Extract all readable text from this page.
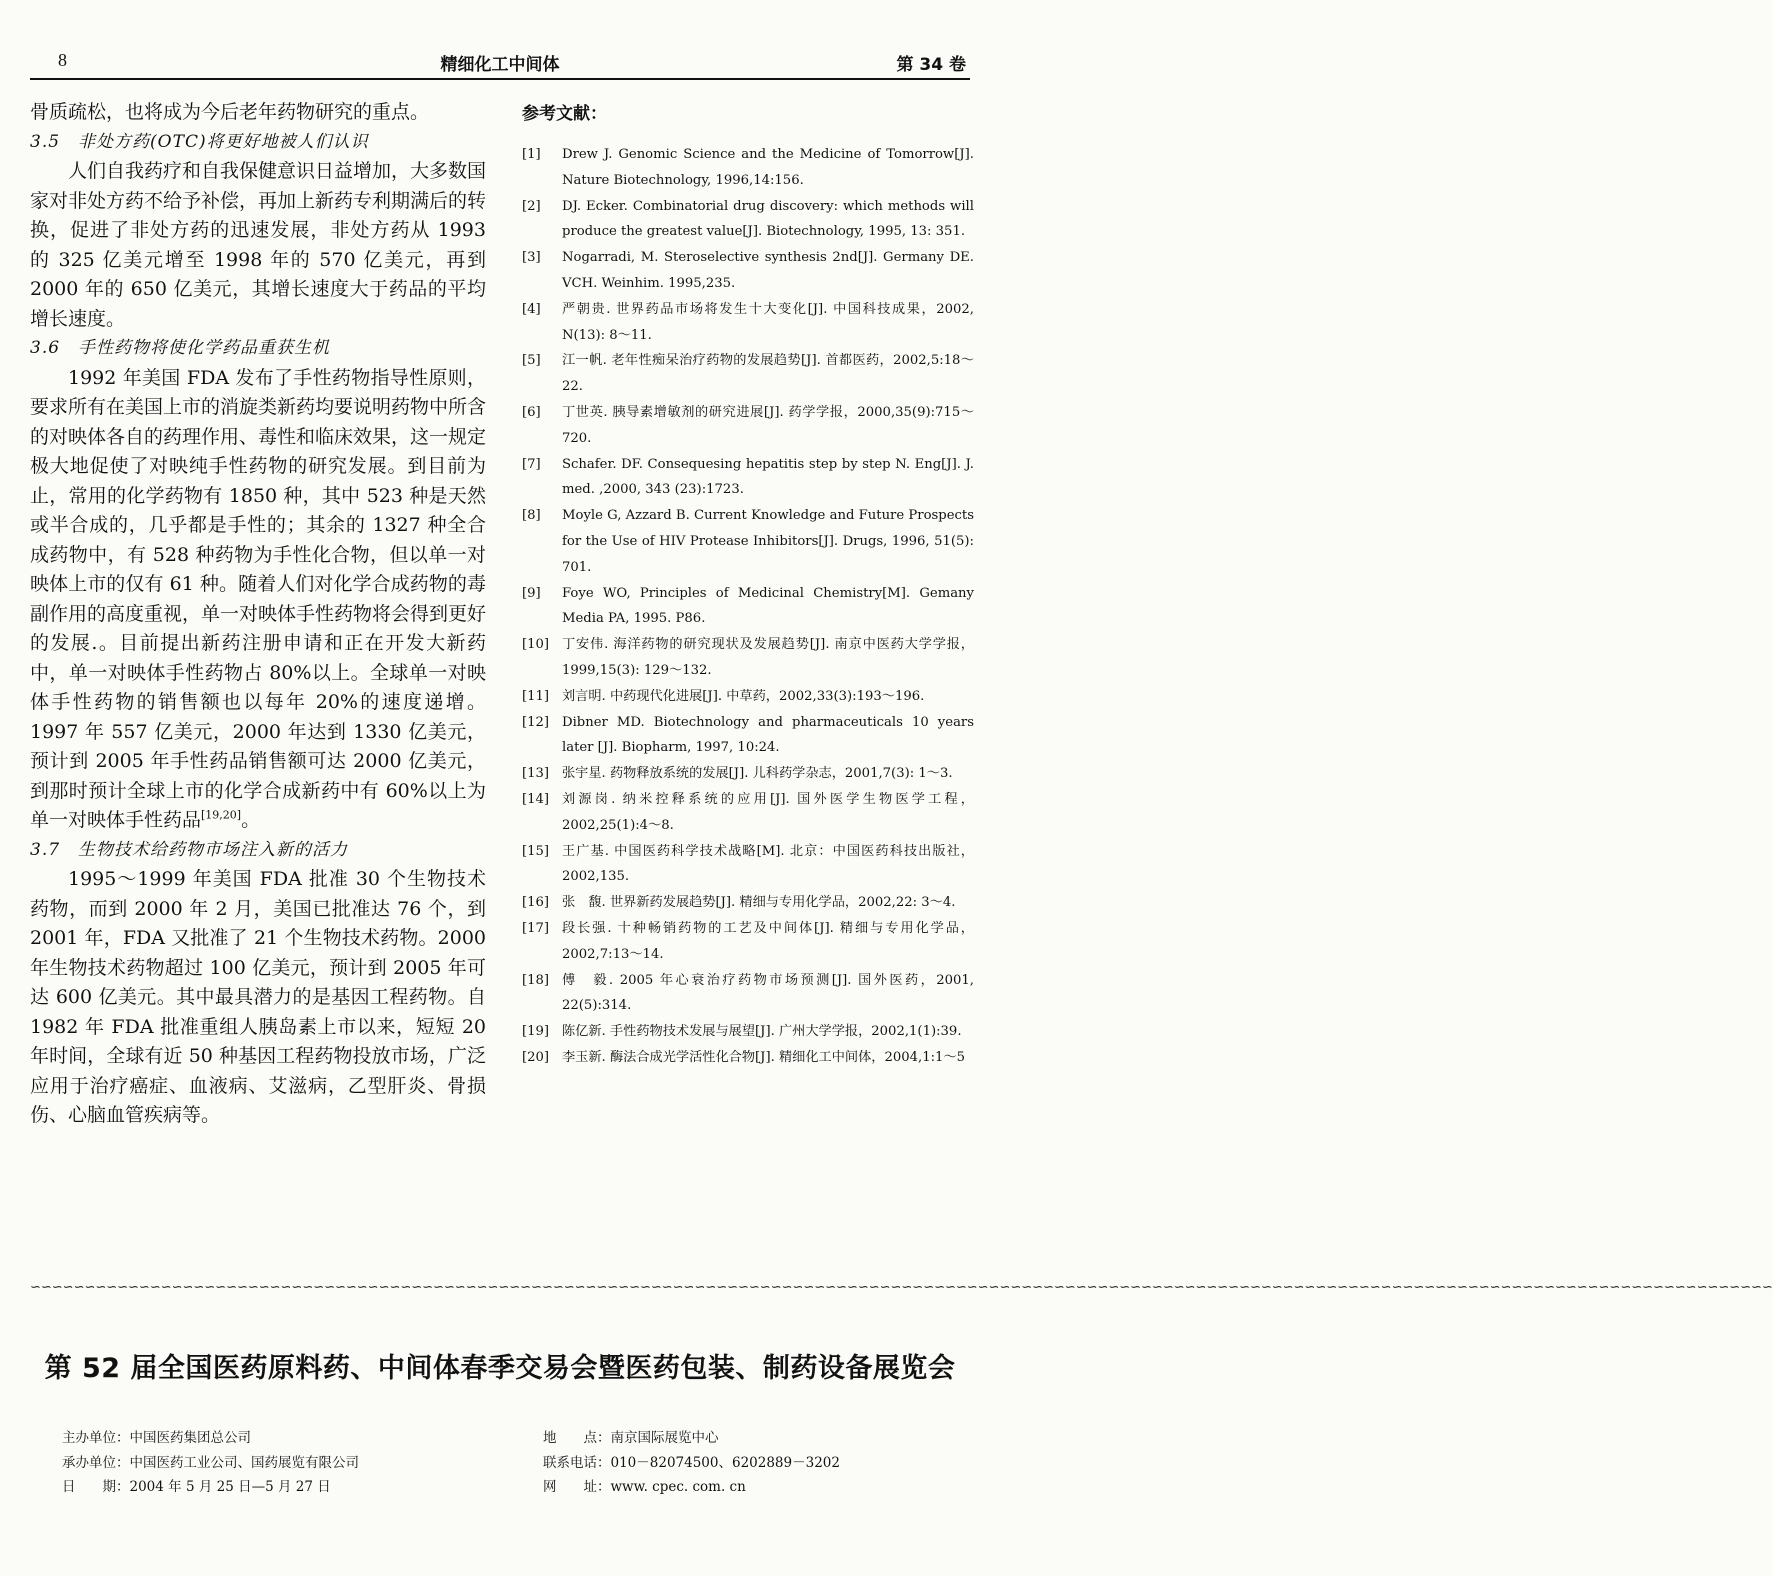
8	精细化工中间体	第 34 卷

骨质疏松，也将成为今后老年药物研究的重点。

3.5　非处方药(OTC)将更好地被人们认识

人们自我药疗和自我保健意识日益增加，大多数国家对非处方药不给予补偿，再加上新药专利期满后的转换，促进了非处方药的迅速发展，非处方药从 1993 的 325 亿美元增至 1998 年的 570 亿美元，再到 2000 年的 650 亿美元，其增长速度大于药品的平均增长速度。

3.6　手性药物将使化学药品重获生机

1992 年美国 FDA 发布了手性药物指导性原则，要求所有在美国上市的消旋类新药均要说明药物中所含的对映体各自的药理作用、毒性和临床效果，这一规定极大地促使了对映纯手性药物的研究发展。到目前为止，常用的化学药物有 1850 种，其中 523 种是天然或半合成的，几乎都是手性的；其余的 1327 种全合成药物中，有 528 种药物为手性化合物，但以单一对映体上市的仅有 61 种。随着人们对化学合成药物的毒副作用的高度重视，单一对映体手性药物将会得到更好的发展.。目前提出新药注册申请和正在开发大新药中，单一对映体手性药物占 80%以上。全球单一对映体手性药物的销售额也以每年 20%的速度递增。1997 年 557 亿美元，2000 年达到 1330 亿美元，预计到 2005 年手性药品销售额可达 2000 亿美元，到那时预计全球上市的化学合成新药中有 60%以上为单一对映体手性药品[19,20]。

3.7　生物技术给药物市场注入新的活力

1995～1999 年美国 FDA 批准 30 个生物技术药物，而到 2000 年 2 月，美国已批准达 76 个，到 2001 年，FDA 又批准了 21 个生物技术药物。2000 年生物技术药物超过 100 亿美元，预计到 2005 年可达 600 亿美元。其中最具潜力的是基因工程药物。自 1982 年 FDA 批准重组人胰岛素上市以来，短短 20 年时间，全球有近 50 种基因工程药物投放市场，广泛应用于治疗癌症、血液病、艾滋病，乙型肝炎、骨损伤、心脑血管疾病等。

参考文献：
[1] Drew J. Genomic Science and the Medicine of Tomorrow[J]. Nature Biotechnology, 1996,14:156.
[2] DJ. Ecker. Combinatorial drug discovery: which methods will produce the greatest value[J]. Biotechnology, 1995, 13: 351.
[3] Nogarradi, M. Steroselective synthesis 2nd[J]. Germany DE. VCH. Weinhim. 1995,235.
[4] 严朝贵. 世界药品市场将发生十大变化[J]. 中国科技成果，2002, N(13): 8～11.
[5] 江一帆. 老年性痴呆治疗药物的发展趋势[J]. 首都医药，2002,5:18～22.
[6] 丁世英. 胰导素增敏剂的研究进展[J]. 药学学报，2000,35(9):715～720.
[7] Schafer. DF. Consequesing hepatitis step by step N. Eng[J]. J. med. ,2000, 343 (23):1723.
[8] Moyle G, Azzard B. Current Knowledge and Future Prospects for the Use of HIV Protease Inhibitors[J]. Drugs, 1996, 51(5): 701.
[9] Foye WO, Principles of Medicinal Chemistry[M]. Gemany Media PA, 1995. P86.
[10] 丁安伟. 海洋药物的研究现状及发展趋势[J]. 南京中医药大学学报，1999,15(3): 129～132.
[11] 刘言明. 中药现代化进展[J]. 中草药，2002,33(3):193～196.
[12] Dibner MD. Biotechnology and pharmaceuticals 10 years later [J]. Biopharm, 1997, 10:24.
[13] 张宇星. 药物释放系统的发展[J]. 儿科药学杂志，2001,7(3): 1～3.
[14] 刘源岗. 纳米控释系统的应用[J]. 国外医学生物医学工程，2002,25(1):4～8.
[15] 王广基. 中国医药科学技术战略[M]. 北京：中国医药科技出版社，2002,135.
[16] 张　馥. 世界新药发展趋势[J]. 精细与专用化学品，2002,22: 3～4.
[17] 段长强. 十种畅销药物的工艺及中间体[J]. 精细与专用化学品，2002,7:13～14.
[18] 傅　毅. 2005 年心衰治疗药物市场预测[J]. 国外医药，2001, 22(5):314.
[19] 陈亿新. 手性药物技术发展与展望[J]. 广州大学学报，2002,1(1):39.
[20] 李玉新. 酶法合成光学活性化合物[J]. 精细化工中间体，2004,1:1～5
∽∽∽∽∽∽∽∽∽∽∽∽∽∽∽∽∽∽∽∽∽∽∽∽∽∽∽∽∽∽∽∽∽∽∽∽∽∽∽∽∽∽∽∽∽∽∽∽∽∽∽∽∽∽∽∽∽∽∽∽∽∽∽∽∽∽∽∽∽∽∽∽∽∽∽∽∽∽∽∽∽∽∽∽∽∽∽∽∽∽∽∽∽∽∽∽∽∽∽∽∽∽∽∽∽∽∽∽∽∽∽∽∽∽∽∽∽∽∽∽∽∽∽∽∽∽∽∽∽∽∽∽∽∽∽∽∽∽∽∽∽∽∽∽∽∽∽∽∽∽∽∽∽∽∽∽∽∽∽∽
第 52 届全国医药原料药、中间体春季交易会暨医药包装、制药设备展览会
主办单位：中国医药集团总公司
承办单位：中国医药工业公司、国药展览有限公司
日　　期：2004 年 5 月 25 日—5 月 27 日
地　　点：南京国际展览中心
联系电话：010－82074500、6202889－3202
网　　址：www. cpec. com. cn
